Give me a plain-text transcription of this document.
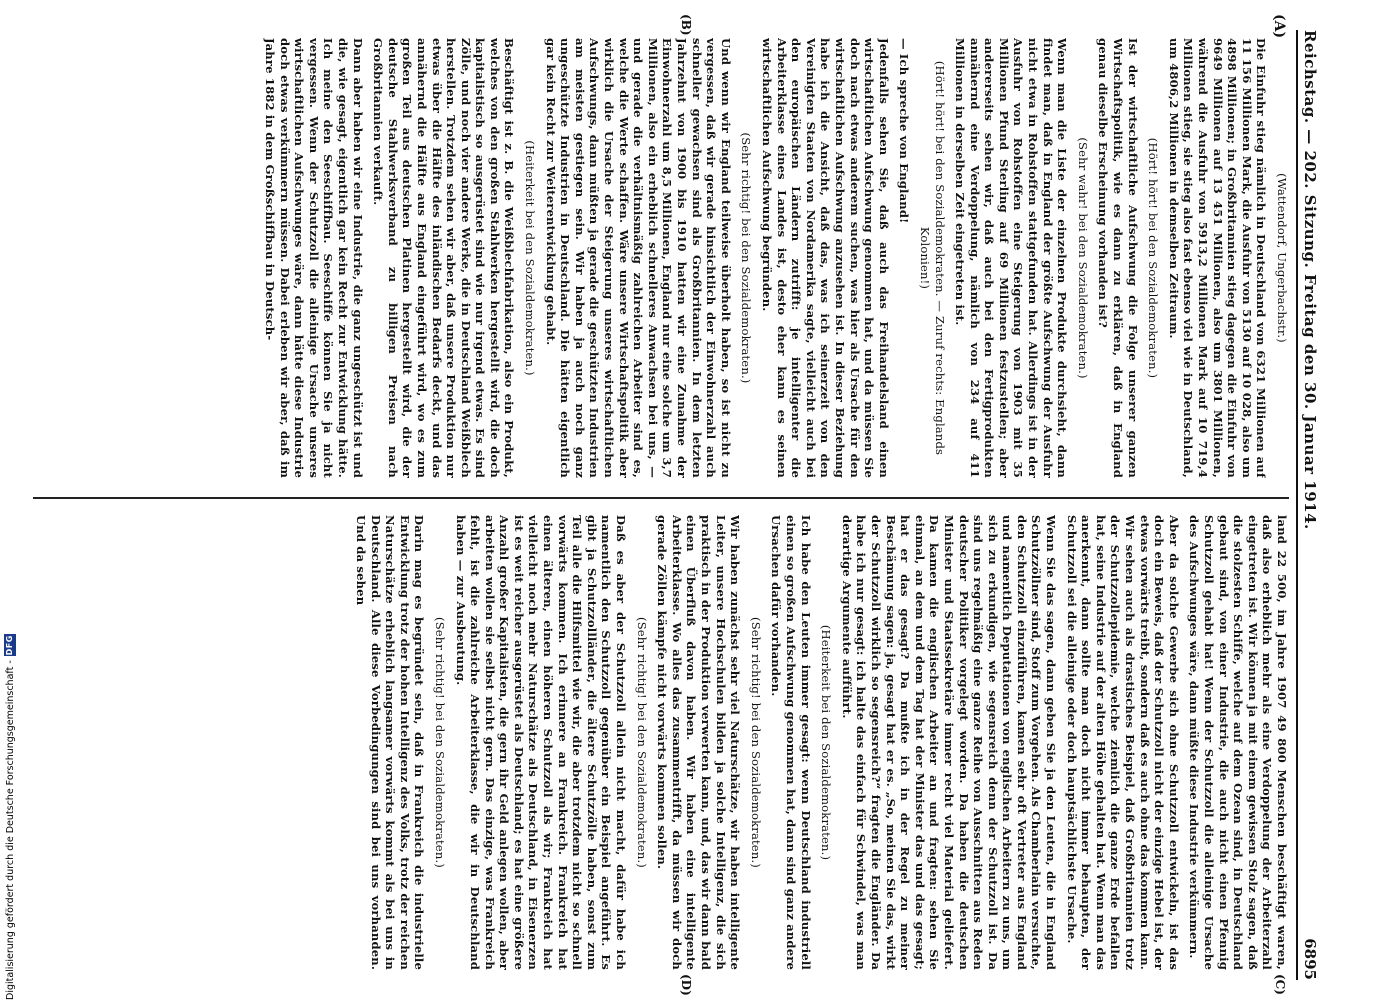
Reichstag. — 202. Sitzung. Freitag den 30. Januar 1914.
6895
(A)
(B)
(C)
(D)

(Wattendorf, Ungerbachstr.)

Die Einfuhr stieg nämlich in Deutschland von 6321 Millionen auf 11 156 Millionen Mark, die Ausfuhr von 5130 auf 10 028, also um 4898 Millionen; in Großbritannien stieg dagegen die Einfuhr von 9649 Millionen auf 13 451 Millionen, also um 3801 Millionen, während die Ausfuhr von 5913,2 Millionen Mark auf 10 719,4 Millionen stieg, sie stieg also fast ebenso viel wie in Deutschland, um 4806,2 Millionen in demselben Zeitraum.

(Hört! hört! bei den Sozialdemokraten.)

Ist der wirtschaftliche Aufschwung die Folge unserer ganzen Wirtschaftspolitik, wie es dann zu erklären, daß in England genau dieselbe Erscheinung vorhanden ist?

(Sehr wahr! bei den Sozialdemokraten.)

Wenn man die Liste der einzelnen Produkte durchsieht, dann findet man, daß in England der größte Aufschwung der Ausfuhr nicht etwa in Rohstoffen stattgefunden hat. Allerdings ist in der Ausfuhr von Rohstoffen eine Steigerung von 1903 mit 35 Millionen Pfund Sterling auf 69 Millionen festzustellen; aber andererseits sehen wir, daß auch bei den Fertigprodukten annähernd eine Verdoppelung, nämlich von 234 auf 411 Millionen in derselben Zeit eingetreten ist.

(Hört! hört! bei den Sozialdemokraten. — Zuruf rechts: Englands Kolonien!)

— Ich spreche von England!

Jedenfalls sehen Sie, daß auch das Freihandelsland einen wirtschaftlichen Aufschwung genommen hat, und da müssen Sie doch nach etwas anderem suchen, was hier als Ursache für den wirtschaftlichen Aufschwung anzusehen ist. In dieser Beziehung habe ich die Ansicht, daß das, was ich seinerzeit von den Vereinigten Staaten von Nordamerika sagte, vielleicht auch bei den europäischen Ländern zutrifft: je intelligenter die Arbeiterklasse eines Landes ist, desto eher kann es seinen wirtschaftlichen Aufschwung begründen.

(Sehr richtig! bei den Sozialdemokraten.)

Und wenn wir England teilweise überholt haben, so ist nicht zu vergessen, daß wir gerade hinsichtlich der Einwohnerzahl auch schneller gewachsen sind als Großbritannien. In dem letzten Jahrzehnt von 1900 bis 1910 hatten wir eine Zunahme der Einwohnerzahl um 8,5 Millionen, England nur eine solche um 3,7 Millionen, also ein erheblich schnelleres Anwachsen bei uns, — und gerade die verhältnismäßig zahlreichen Arbeiter sind es, welche die Werte schaffen. Wäre unsere Wirtschaftspolitik aber wirklich die Ursache der Steigerung unseres wirtschaftlichen Aufschwungs, dann müßten ja gerade die geschützten Industrien am meisten gestiegen sein. Wir haben ja auch noch ganz ungeschützte Industrien in Deutschland. Die hätten eigentlich gar kein Recht zur Weiterentwicklung gehabt.

(Heiterkeit bei den Sozialdemokraten.)

Beschäftigt ist z. B. die Weißblechfabrikation, also ein Produkt, welches von den großen Stahlwerken hergestellt wird, die doch kapitalistisch so ausgerüstet sind wie nur irgend etwas. Es sind Zölle, und noch vier andere Werke, die in Deutschland Weißblech herstellen. Trotzdem sehen wir aber, daß unsere Produktion nur etwas über die Hälfte des inländischen Bedarfs deckt, und das annähernd die Hälfte aus England eingeführt wird, wo es zum großen Teil aus deutschen Platinen hergestellt wird, die der deutsche Stahlwerksverband zu billigen Preisen nach Großbritannien verkauft.

Dann aber haben wir eine Industrie, die ganz ungeschützt ist und die, wie gesagt, eigentlich gar kein Recht zur Entwicklung hätte. Ich meine den Seeschiffbau. Seeschiffe können Sie ja nicht vergessen. Wenn der Schutzzoll die alleinige Ursache unseres wirtschaftlichen Aufschwunges wäre, dann hätte diese Industrie doch etwas verkümmern müssen. Dabei erleben wir aber, daß im Jahre 1882 in dem Großschiffbau in Deutsch-

land 22 500, im Jahre 1907 49 800 Menschen beschäftigt waren, daß also erheblich mehr als eine Verdoppelung der Arbeiterzahl eingetreten ist. Wir können ja mit einem gewissen Stolz sagen, daß die stolzesten Schiffe, welche auf dem Ozean sind, in Deutschland gebaut sind, von einer Industrie, die auch nicht einen Pfennig Schutzzoll gehabt hat! Wenn der Schutzzoll die alleinige Ursache des Aufschwunges wäre, dann müßte diese Industrie verkümmern.

Aber da solche Gewerbe sich ohne Schutzzoll entwickeln, ist das doch ein Beweis, daß der Schutzzoll nicht der einzige Hebel ist, der etwas vorwärts treibt, sondern daß es auch ohne das kommen kann. Wir sehen auch als drastisches Beispiel, daß Großbritannien trotz der Schutzzollepidemie, welche ziemlich die ganze Erde befallen hat, seine Industrie auf der alten Höhe gehalten hat. Wenn man das anerkennt, dann sollte man doch nicht immer behaupten, der Schutzzoll sei die alleinige oder doch hauptsächlichste Ursache.

Wenn Sie das sagen, dann geben Sie ja den Leuten, die in England Schutzzöllner sind, Stoff zum Vorgehen. Als Chamberlain versuchte, den Schutzzoll einzuführen, kamen sehr oft Vertreter aus England und namentlich Deputationen von englischen Arbeitern zu uns, um sich zu erkundigen, wie segensreich denn der Schutzzoll ist. Da sind uns regelmäßig eine ganze Reihe von Ausschnitten aus Reden deutscher Politiker vorgelegt worden. Da haben die deutschen Minister und Staatssekretäre immer recht viel Material geliefert. Da kamen die englischen Arbeiter an und fragten: sehen Sie einmal, an dem und dem Tag hat der Minister das und das gesagt; hat er das gesagt? Da mußte ich in der Regel zu meiner Beschämung sagen: ja, gesagt hat er es. „So, meinen Sie das, wirkt der Schutzzoll wirklich so segensreich?“ fragten die Engländer. Da habe ich nur gesagt: ich halte das einfach für Schwindel, was man derartige Argumente aufführt.

(Heiterkeit bei den Sozialdemokraten.)

Ich habe den Leuten immer gesagt: wenn Deutschland industriell einen so großen Aufschwung genommen hat, dann sind ganz andere Ursachen dafür vorhanden.

(Sehr richtig! bei den Sozialdemokraten.)

Wir haben zunächst sehr viel Naturschätze, wir haben intelligente Leiter, unsere Hochschulen bilden ja solche Intelligenz, die sich praktisch in der Produktion verwerten kann, und, das wir dann bald einen Überfluß davon haben. Wir haben eine intelligente Arbeiterklasse. Wo alles das zusammentrifft, da müssen wir doch gerade Zöllen kämpfe nicht vorwärts kommen sollen.

(Sehr richtig! bei den Sozialdemokraten.)

Daß es aber der Schutzzoll allein nicht macht, dafür habe ich namentlich den Schutzzoll gegenüber ein Beispiel angeführt. Es gibt ja Schutzzollländer, die ältere Schutzzölle haben, sonst zum Teil alle die Hilfsmittel wie wir, die aber trotzdem nicht so schnell vorwärts kommen. Ich erinnere an Frankreich. Frankreich hat einen älteren, einen höheren Schutzzoll als wir; Frankreich hat vielleicht noch mehr Naturschätze als Deutschland, in Eisenerzen ist es weit reicher ausgerüstet als Deutschland; es hat eine größere Anzahl großer Kapitalisten, die gern ihr Geld anlegen wollen, aber arbeiten wollen sie selbst nicht gern. Das einzige, was Frankreich fehlt, ist die zahlreiche Arbeiterklasse, die wir in Deutschland haben — zur Ausbeutung.

(Sehr richtig! bei den Sozialdemokraten.)

Darin mag es begründet sein, daß in Frankreich die industrielle Entwicklung trotz der hohen Intelligenz des Volks, trotz der reichen Naturschätze erheblich langsamer vorwärts kommt als bei uns in Deutschland. Alle diese Vorbedingungen sind bei uns vorhanden. Und da sehen

Digitalisierung gefördert durch die Deutsche Forschungsgemeinschaft -
DFG
